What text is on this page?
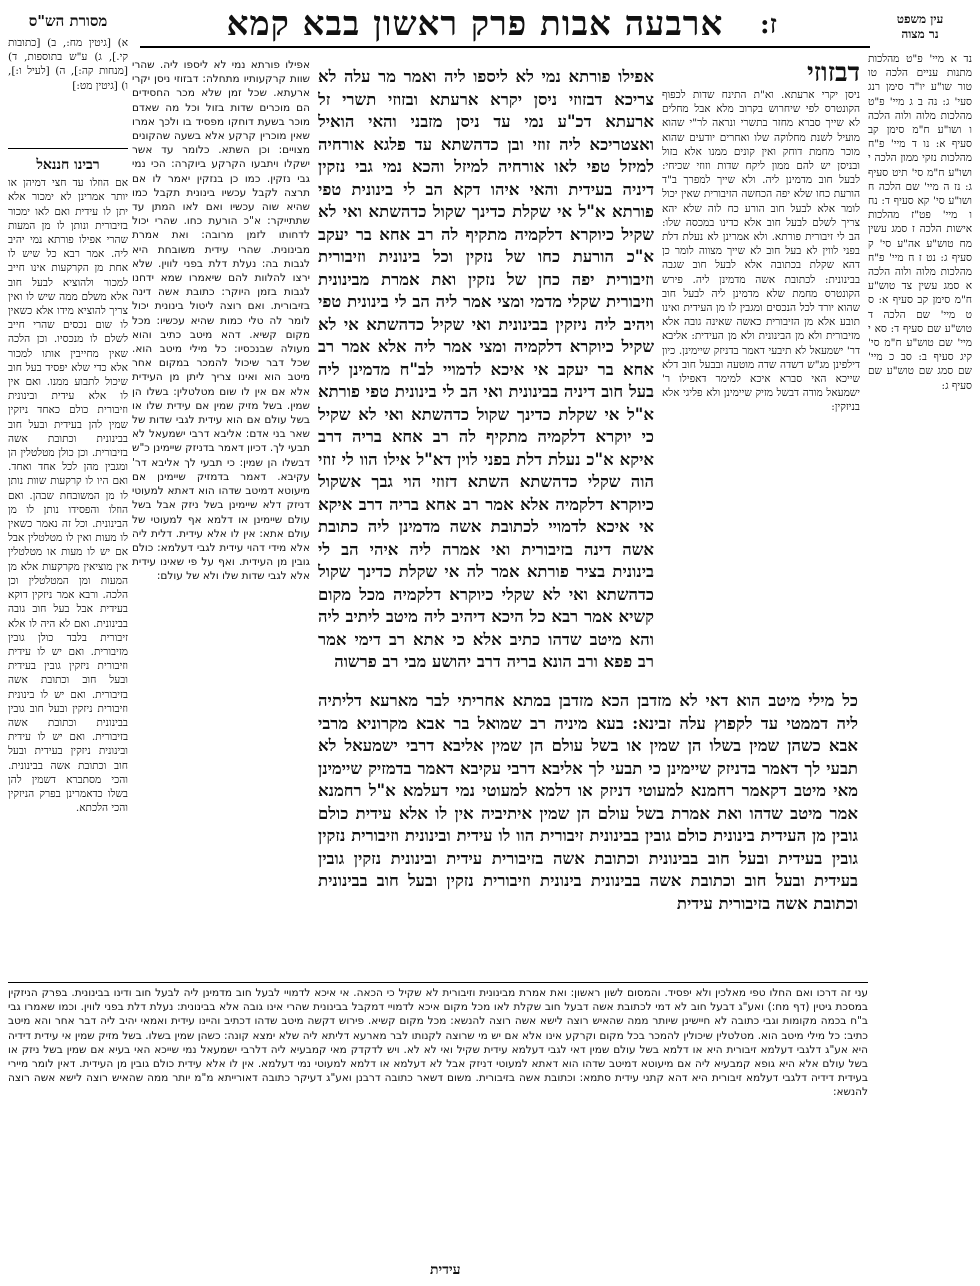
עין משפט
נר מצוה
ז:
ארבעה אבות פרק ראשון בבא קמא
מסורת הש"ס

נד א מיי' פ"ט מהלכות מתנות עניים הלכה טו טור שו"ע יו"ד סימן רנג סעי' ג: נה ב ג מיי' פ"ט מהלכות מלוה ולוה הלכה ו ושו"ע ח"מ סימן קב סעיף א: נו ד מיי' פ"ח מהלכות נזקי ממון הלכה י ושו"ע ח"מ סי' תיט סעיף ג: נז ה מיי' שם הלכה ח ושו"ע סי' קא סעיף ד: נח ו מיי' פט"ז מהלכות אישות הלכה ז סמג עשין מח טוש"ע אה"ע סי' ק סעיף ג: נט ז ח מיי' פ"ח מהלכות מלוה ולוה הלכה א סמג עשין צד טוש"ע ח"מ סימן קב סעיף א: ס ט מיי' שם הלכה ד טוש"ע שם סעיף ד: סא י מיי' שם טוש"ע ח"מ סי' קיג סעיף ב: סב כ מיי' שם סמג שם טוש"ע שם סעיף ג:

א) [גיטין מח:, ב) [כתובות קי.], ג) ע"ש בתוספות, ד) [מנחות קה:], ה) [לעיל ו:], ו) [גיטין מט:]

רבינו חננאל

אם הוזלו עד חצי דמיהן או יותר אמרינן לא ימכור אלא יתן לו עידית ואם לאו ימכור בזיבורית ונותן לו מן המעות שהרי אפילו פורתא נמי יהיב ליה. אמר רבא כל שיש לו אחת מן הקרקעות אינו חייב למכור ולהוציא לבעל חוב אלא משלם ממה שיש לו ואין צריך להוציא מידו אלא כשאין לו שום נכסים שהרי חייב לשלם לו מנכסיו. וכן הלכה שאין מחייבין אותו למכור אלא כדי שלא יפסיד בעל חוב שיכול לתבוע ממנו. ואם אין לו אלא עידית ובינונית וזיבורית כולם כאחד ניזקין שמין להן בעידית ובעל חוב בבינונית וכתובת אשה בזיבורית. וכן כולן מטלטלין הן ומגבין מהן לכל אחד ואחד. ואם היו לו קרקעות שוות נותן לו מן המשובחת שבהן. ואם הוזלו והפסידו נותן לו מן הבינונית. וכל זה נאמר כשאין לו מעות ואין לו מטלטלין אבל אם יש לו מעות או מטלטלין אין מוציאין מקרקעות אלא מן המעות ומן המטלטלין וכן הלכה. ורבא אמר ניזקין דוקא בעידית אבל בעל חוב גובה בבינונית. ואם לא היה לו אלא זיבורית בלבד כולן גובין מזיבורית. ואם יש לו עידית וזיבורית ניזקין גובין בעידית ובעל חוב וכתובת אשה בזיבורית. ואם יש לו בינונית וזיבורית ניזקין ובעל חוב גובין בבינונית וכתובת אשה בזיבורית. ואם יש לו עידית ובינונית ניזקין בעידית ובעל חוב וכתובת אשה בבינונית. והכי מסתברא דשמין להן בשלו כדאמרינן בפרק הניזקין והכי הלכתא.

דבזוזי

ניסן יקרי ארעתא. וא"ת התינח שדות לכפוף הקונטרס לפי שיחרוש בקרוב מלא אבל מחלים לא שייך סברא מחזר בתשרי ונראה לר"י שהוא מועיל לשנת מחלוקה שלו ואחרים יודעים שהוא מוכר מחמת דוחק ואין קונים ממנו אלא בזול ובניסן יש להם ממון ליקח שדות וזוזי שכיחי: לבעל חוב מדמינן ליה. ולא שייך למפרך ב"ד הורעת כחו שלא יפה הכחשה הזיבורית שאין יכול לומר אלא לבעל חוב הורע כח לוה שלא יהא צריך לשלם לבעל חוב אלא כדינו במכסה שלו: הב לי זיבורית פורתא. ולא אמרינן לא נעלת דלת בפני לווין לא בעל חוב לא שייך מצווה לומר כן דהא שקלת בכתובה אלא לבעל חוב שגבה בבינונית: לכתובת אשה מדמינן ליה. פירש הקונטרס מחמת שלא מדמינן ליה לבעל חוב שהוא יורד לכל הנכסים ומגבין לו מן העידית ואינו תובע אלא מן הזיבורית כאשה שאינה גובה אלא מזיבורית ולא מן הבינונית ולא מן העידית: אליבא דר' ישמעאל לא תיבעי דאמר בדניזק שיימינן. כיון דילפינן מג"ש דשדה שדה מוטעה ובבעל חוב דלא שייכא האי סברא איכא למימר דאפילו ר' ישמעאל מודה דבשל מזיק שיימינן ולא פליגי אלא בניזקין:

אפילו פורתא נמי לא ליספו ליה. שהרי שוות קרקעותיו מתחלה: דבזוזי ניסן יקרי ארעתא. שכל זמן שלא מכר החסידים הם מוכרים שדות בזול וכל מה שאדם מוכר בשעת דוחקו מפסיד בו ולכך אמרו שאין מוכרין קרקע אלא בשעה שהקונים מצויים: וכן השתא. כלומר עד אשר ישקלו ויתבעו הקרקע ביוקרה: הכי נמי גבי נזקין. כמו כן בנזקין יאמר לו אם תרצה לקבל עכשיו בינונית תקבל כמו שהיא שוה עכשיו ואם לאו המתן עד שתתייקר: א"כ הורעת כחו. שהרי יכול לדחותו לזמן מרובה: ואת אמרת מבינונית. שהרי עידית משובחת היא לגבות בה: נעלת דלת בפני לווין. שלא ירצו להלוות להם שיאמרו שמא ידחנו לגבות בזמן היוקר: כתובת אשה דינה בזיבורית. ואם רוצה ליטול בינונית יכול לומר לה טלי כמות שהיא עכשיו: מכל מקום קשיא. דהא מיטב כתיב והוא מעולה שבנכסיו: כל מילי מיטב הוא. שכל דבר שיכול להמכר במקום אחר מיטב הוא ואינו צריך ליתן מן העידית אלא אם אין לו שום מטלטלין: בשלו הן שמין. בשל מזיק שמין אם עידית שלו או בשל עולם אם הוא עידית לגבי שדות של שאר בני אדם: אליבא דרבי ישמעאל לא תבעי לך. דכיון דאמר בדניזק שיימינן כ"ש דבשלו הן שמין: כי תבעי לך אליבא דר' עקיבא. דאמר בדמזיק שיימינן אם מיעוטא דמיטב שדהו הוא דאתא למעוטי דניזק דלא שיימינן בשל ניזק אבל בשל עולם שיימינן או דלמא אף למעוטי של עולם אתא: אין לו אלא עידית. דלית ליה אלא מידי דהוי עידית לגבי דעלמא: כולם גובין מן העידית. ואף על פי שאינו עידית אלא לגבי שדות שלו ולא של עולם:

אפילו פורתא נמי לא ליספו ליה ואמר מר עלה לא צריכא דבזוזי ניסן יקרא ארעתא ובזוזי תשרי זל ארעתא דכ"ע נמי עד ניסן מזבני והאי הואיל ואצטריכא ליה זוזי ובן כדהשתא עד פלגא אורחיה למיזל טפי לאו אורחיה למיזל והכא נמי גבי נזקין דיניה בעידית והאי איהו דקא הב לי בינונית טפי פורתא א"ל אי שקלת כדינך שקול כדהשתא ואי לא שקיל כיוקרא דלקמיה מתקיף לה רב אחא בר יעקב א"כ הורעת כחו של נזקין וכל בינונית וזיבורית וזיבורית יפה כחן של נזקין ואת אמרת מבינונית וזיבורית שקלי מדמי ומצי אמר ליה הב לי בינונית טפי ויהיב ליה ניזקין בבינונית ואי שקיל כדהשתא אי לא שקיל כיוקרא דלקמיה ומצי אמר ליה אלא אמר רב אחא בר יעקב אי איכא לדמויי לב"ח מדמינן ליה בעל חוב דיניה בבינונית ואי הב לי בינונית טפי פורתא א"ל אי שקלת כדינך שקול כדהשתא ואי לא שקיל כי יוקרא דלקמיה מתקיף לה רב אחא בריה דרב איקא א"כ נעלת דלת בפני לוין דא"ל אילו הוו לי זוזי הוה שקלי כדהשתא השתא דזוזי הוי גבך אשקול כיוקרא דלקמיה אלא אמר רב אחא בריה דרב איקא אי איכא לדמויי לכתובת אשה מדמינן ליה כתובת אשה דינה בזיבורית ואי אמרה ליה איהי הב לי בינונית בציר פורתא אמר לה אי שקלת כדינך שקול כדהשתא ואי לא שקלי כיוקרא דלקמיה מכל מקום קשיא אמר רבא כל היכא דיהיב ליה מיטב ליתיב ליה והא מיטב שדהו כתיב אלא כי אתא רב דימי אמר רב פפא ורב הונא בריה דרב יהושע מבי רב פרשוה

כל מילי מיטב הוא דאי לא מזדבן הכא מזדבן במתא אחריתי לבר מארעא דליתיה ליה דממטי עד לקפוץ עלה זבינא: בעא מיניה רב שמואל בר אבא מקרוניא מרבי אבא כשהן שמין בשלו הן שמין או בשל עולם הן שמין אליבא דרבי ישמעאל לא תבעי לך דאמר בדניזק שיימינן כי תבעי לך אליבא דרבי עקיבא דאמר בדמזיק שיימינן מאי מיטב דקאמר רחמנא למעוטי דניזק או דלמא למעוטי נמי דעלמא א"ל רחמנא אמר מיטב שדהו ואת אמרת בשל עולם הן שמין איתיביה אין לו אלא עידית כולם גובין מן העידית בינונית כולם גובין בבינונית זיבורית הוו לו עידית ובינונית וזיבורית נזקין גובין בעידית ובעל חוב בבינונית וכתובת אשה בזיבורית עידית ובינונית נזקין גובין בעידית ובעל חוב וכתובת אשה בבינונית בינונית וזיבורית נזקין ובעל חוב בבינונית וכתובת אשה בזיבורית עידית

עני זה דרכו ואם החלו טפי מאלכין ולא יפסיד. והמסום לשון ראשון: ואת אמרת מבינונית וזיבורית לא שקיל כי הכאה. אי איכא לדמויי לבעל חוב מדמינן ליה לבעל חוב ודינו בבינונית. בפרק הניזקין במסכת גיטין (דף מח:) ואע"ג דבעל חוב לא דמי לכתובת אשה דבעל חוב שקלת לאו מכל מקום איכא לדמויי דמקבל בבינונית שהרי אינו גובה אלא בבינונית: נעלת דלת בפני לווין. וכמו שאמרו גבי ב"ח בכמה מקומות וגבי כתובה לא חיישינן שיותר ממה שהאיש רוצה לישא אשה רוצה להנשא: מכל מקום קשיא. פירוש דקשה מיטב שדהו דכתיב והיינו עידית ואמאי יהיב ליה דבר אחר והא מיטב כתיב: כל מילי מיטב הוא. מטלטלין שיכולין להמכר בכל מקום וקרקע אינו אלא אם יש מי שרוצה לקנותו לבר מארעא דליתא ליה שלא ימצא קונה: כשהן שמין בשלו. בשל מזיק שמין אי עידית דידיה היא אע"ג דלגבי דעלמא זיבורית היא או דלמא בשל עולם שמין דאי לגבי דעלמא עידית שקיל ואי לא לא. ויש לדקדק מאי קמבעיא ליה דלרבי ישמעאל נמי שייכא האי בעיא אם שמין בשל ניזק או בשל עולם אלא היא גופא קמבעיא ליה אם מיעוטא דמיטב שדהו הוא דאתא למעוטי דניזק אבל לא דעלמא או דלמא למעוטי נמי דעלמא. אין לו אלא עידית כולם גובין מן העידית. דאין לומר מיירי בעידית דידיה דלגבי דעלמא זיבורית היא דהא קתני עידית סתמא: וכתובת אשה בזיבורית. משום דשאר כתובה דרבנן ואע"ג דעיקר כתובה דאורייתא מ"מ יותר ממה שהאיש רוצה לישא אשה רוצה להנשא:

עידית
